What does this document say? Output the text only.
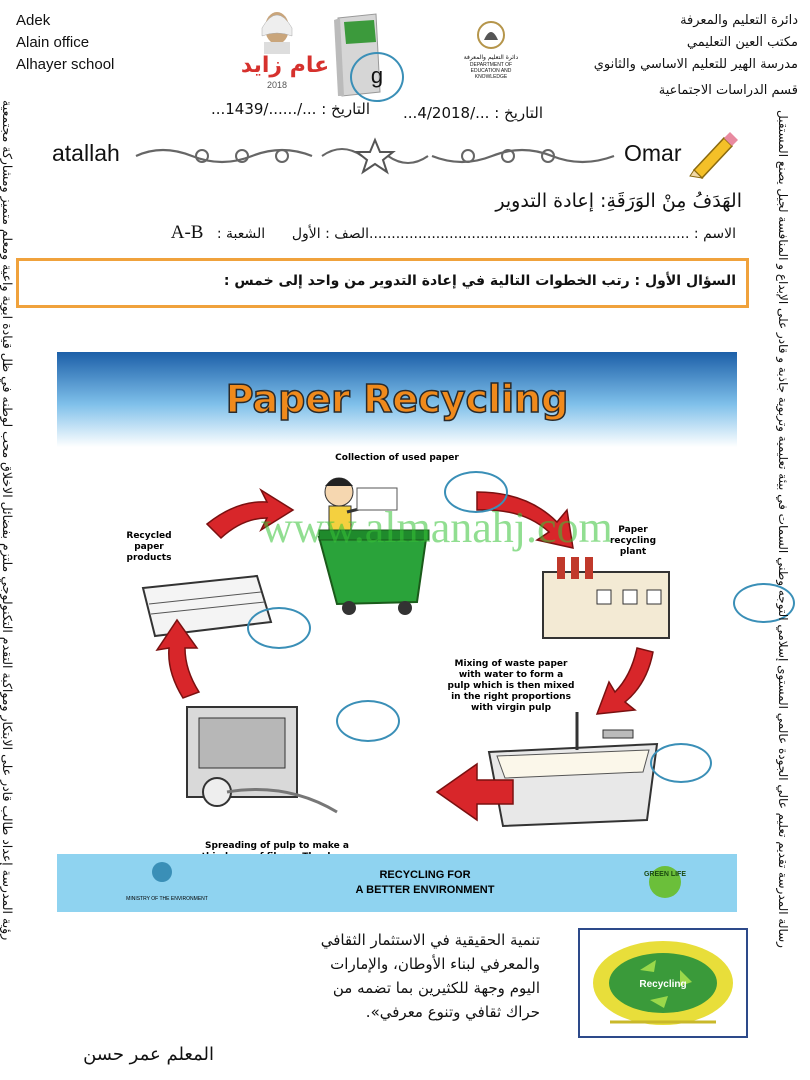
Adek
Alain office
Alhayer school	عام زايد
2018	g
دائرة التعليم والمعرفة
DEPARTMENT OF EDUCATION AND KNOWLEDGE
دائرة التعليم والمعرفة
مكتب العين التعليمي
مدرسة الهير للتعليم الاساسي والثانوي
قسم الدراسات الاجتماعية
التاريخ : ...1439/....../...	التاريخ : ...4/2018/...
atallah	Omar
الهَدَفُ مِنْ الوَرَقَةِ: إعادة التدوير
الاسم : ........................................................................الصف : الأول      الشعبة :   A-B
السؤال الأول : رتب الخطوات التالية في إعادة التدوير من واحد إلى خمس :
Paper Recycling
Collection of used paper
Paper recycling plant
Mixing of waste paper with water to form a pulp which is then mixed in the right proportions with virgin pulp
Spreading of pulp to make a
Recycled paper products
www.almanahj.com
MINISTRY OF THE ENVIRONMENT
RECYCLING FOR
A BETTER ENVIRONMENT
GREEN LIFE
تنمية الحقيقية في الاستثمار الثقافي والمعرفي لبناء الأوطان، والإمارات اليوم وجهة للكثيرين بما تضمه من حراك ثقافي وتنوع معرفي».
Recycling
المعلم عمر حسن
رؤية المدرسة إعداد طالب قادر على الابتكار ومواكبة التقدم التكنولوجي ملتزم بفضائل الاخلاق محب لوطنه في ظل قيادة ابوية واعية ومعلم متميز ومشاركة مجتمعية	رسالة المدرسة تقديم تعليم عالي الجودة عالمي المستوى إسلامي التوجه وطني السمات في بيئة تعليمية وتربوية جاذبة و قادر على الإبداع و المنافسة لجيل يصنع المستقبل
